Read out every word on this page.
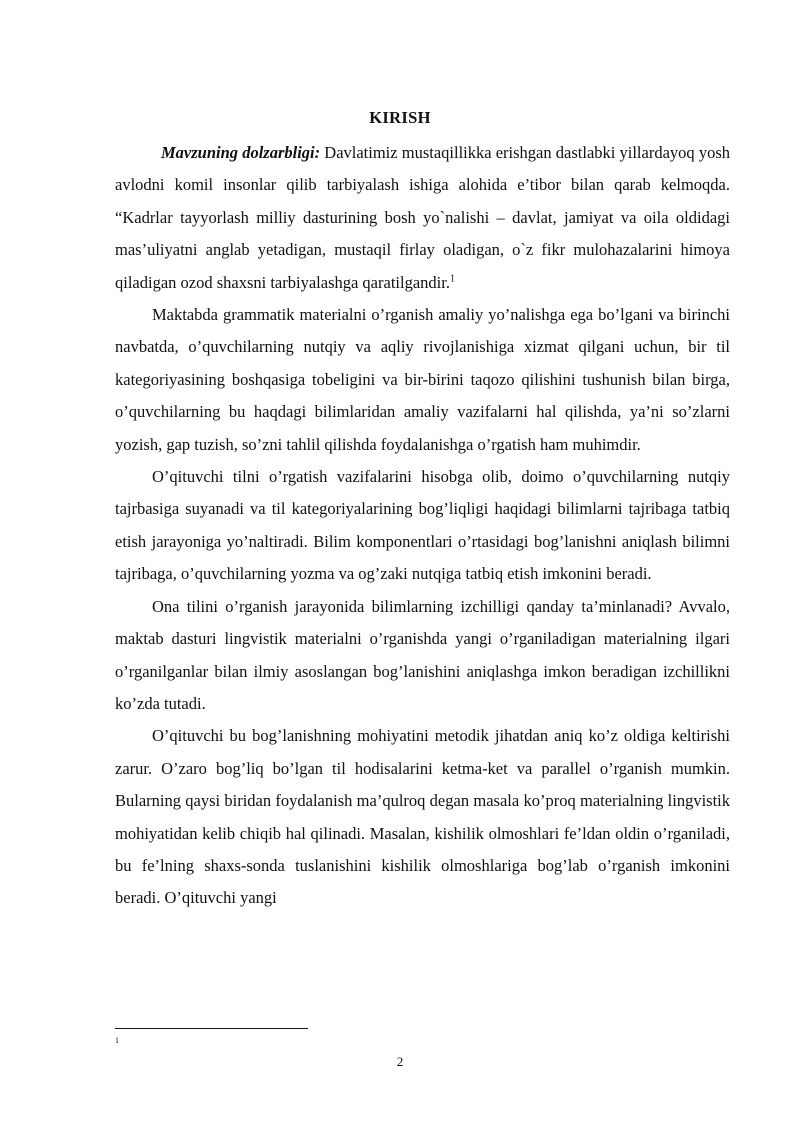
KIRISH

Mavzuning dolzarbligi: Davlatimiz mustaqillikka erishgan dastlabki yillardayoq yosh avlodni komil insonlar qilib tarbiyalash ishiga alohida e’tibor bilan qarab kelmoqda. “Kadrlar tayyorlash milliy dasturining bosh yo`nalishi – davlat, jamiyat va oila oldidagi mas’uliyatni anglab yetadigan, mustaqil firlay oladigan, o`z fikr mulohazalarini himoya qiladigan ozod shaxsni tarbiyalashga qaratilgandir.$^1$

Maktabda grammatik materialni o’rganish amaliy yo’nalishga ega bo’lgani va birinchi navbatda, o’quvchilarning nutqiy va aqliy rivojlanishiga xizmat qilgani uchun, bir til kategoriyasining boshqasiga tobeligini va bir-birini taqozo qilishini tushunish bilan birga, o’quvchilarning bu haqdagi bilimlaridan amaliy vazifalarni hal qilishda, ya’ni so’zlarni yozish, gap tuzish, so’zni tahlil qilishda foydalanishga o’rgatish ham muhimdir.

O’qituvchi tilni o’rgatish vazifalarini hisobga olib, doimo o’quvchilarning nutqiy tajrbasiga suyanadi va til kategoriyalarining bog’liqligi haqidagi bilimlarni tajribaga tatbiq etish jarayoniga yo’naltiradi. Bilim komponentlari o’rtasidagi bog’lanishni aniqlash bilimni tajribaga, o’quvchilarning yozma va og’zaki nutqiga tatbiq etish imkonini beradi.

Ona tilini o’rganish jarayonida bilimlarning izchilligi qanday ta’minlanadi? Avvalo, maktab dasturi lingvistik materialni o’rganishda yangi o’rganiladigan materialning ilgari o’rganilganlar bilan ilmiy asoslangan bog’lanishini aniqlashga imkon beradigan izchillikni ko’zda tutadi.

O’qituvchi bu bog’lanishning mohiyatini metodik jihatdan aniq ko’z oldiga keltirishi zarur. O’zaro bog’liq bo’lgan til hodisalarini ketma-ket va parallel o’rganish mumkin. Bularning qaysi biridan foydalanish ma’qulroq degan masala ko’proq materialning lingvistik mohiyatidan kelib chiqib hal qilinadi. Masalan, kishilik olmoshlari fe’ldan oldin o’rganiladi, bu fe’lning shaxs-sonda tuslanishini kishilik olmoshlariga bog’lab o’rganish imkonini beradi. O’qituvchi yangi

1
2
